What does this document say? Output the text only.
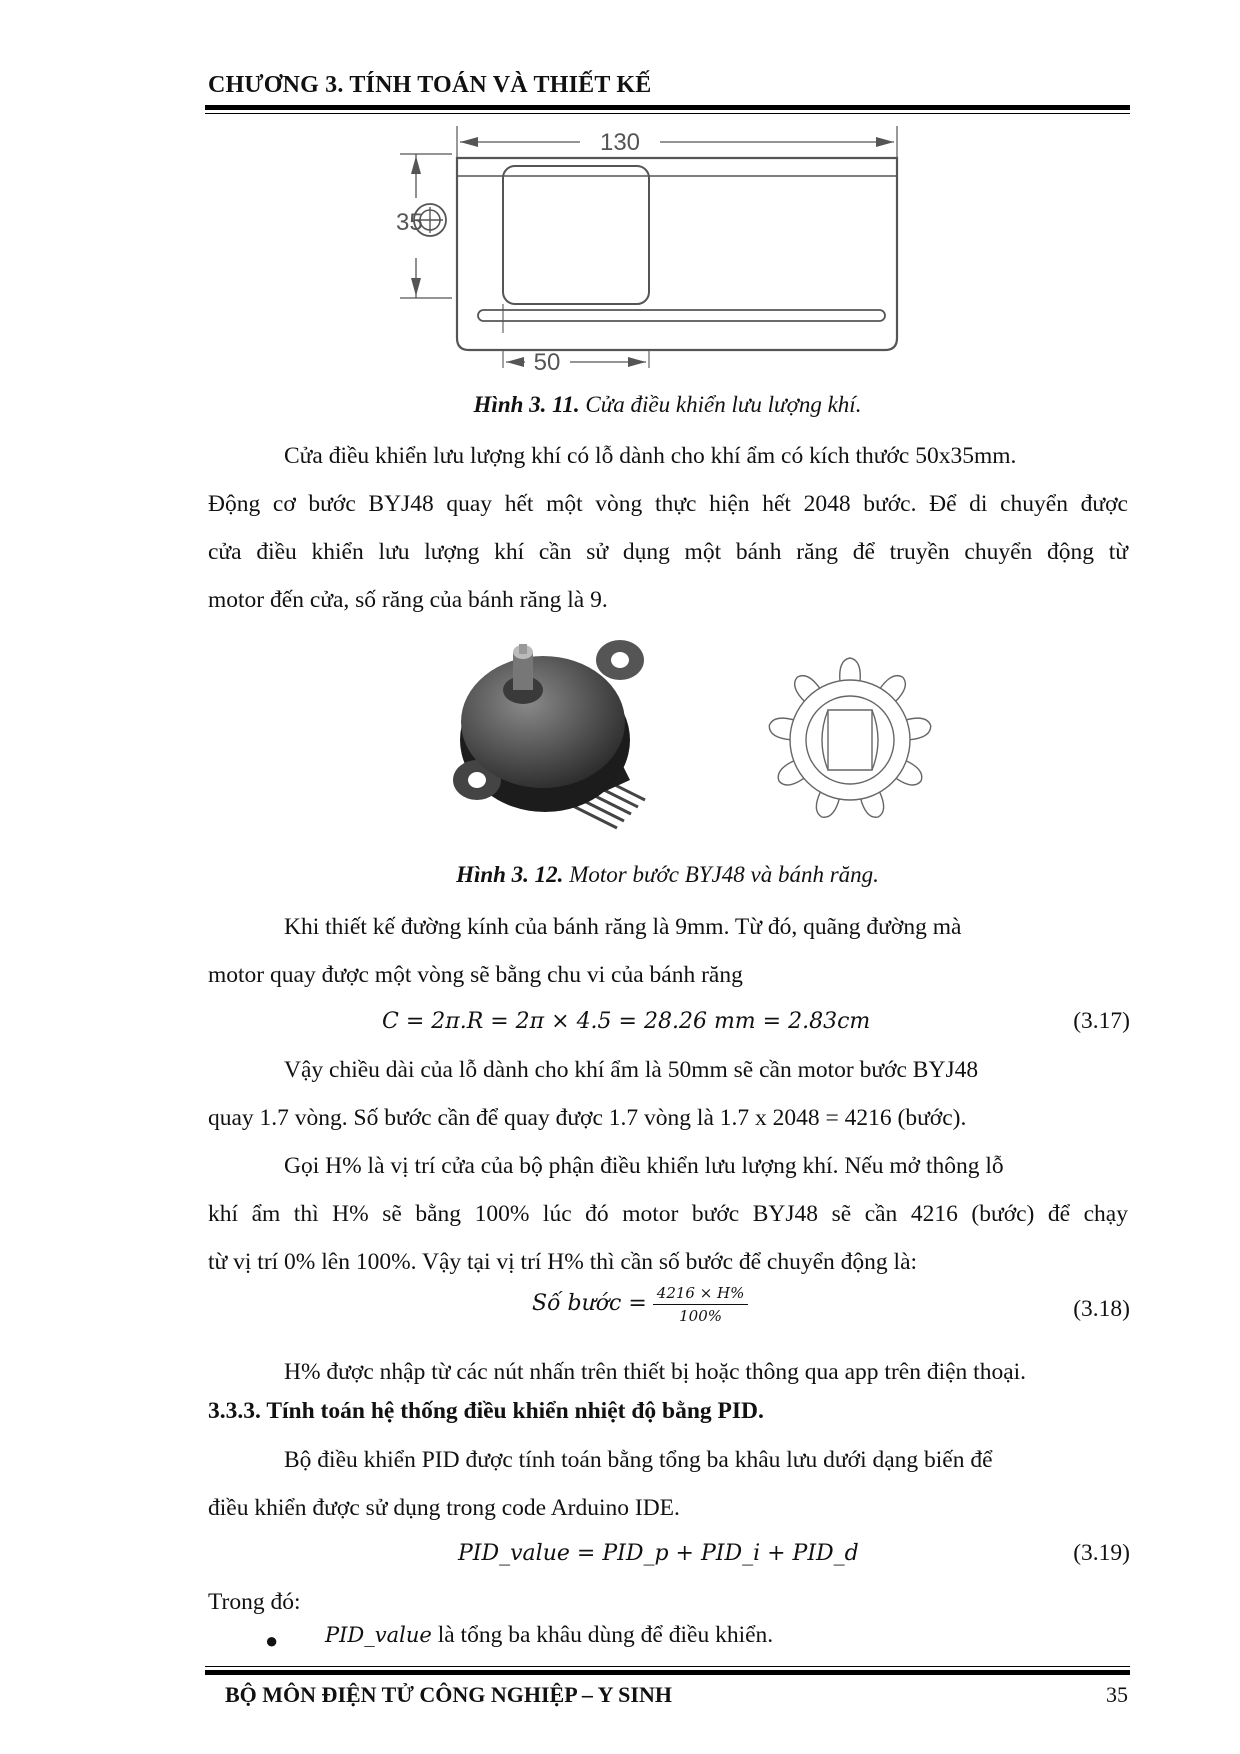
CHƯƠNG 3. TÍNH TOÁN VÀ THIẾT KẾ
130
35
50
Hình 3. 11. Cửa điều khiển lưu lượng khí.
Cửa điều khiển lưu lượng khí có lỗ dành cho khí ẩm có kích thước 50x35mm.
Động cơ bước BYJ48 quay hết một vòng thực hiện hết 2048 bước. Để di chuyển được
cửa điều khiển lưu lượng khí cần sử dụng một bánh răng để truyền chuyển động từ
motor đến cửa, số răng của bánh răng là 9.
Hình 3. 12. Motor bước BYJ48 và bánh răng.
Khi thiết kế đường kính của bánh răng là 9mm. Từ đó, quãng đường mà
motor quay được một vòng sẽ bằng chu vi của bánh răng
C = 2π.R = 2π × 4.5 = 28.26 mm = 2.83cm	(3.17)
Vậy chiều dài của lỗ dành cho khí ẩm là 50mm sẽ cần motor bước BYJ48
quay 1.7 vòng. Số bước cần để quay được 1.7 vòng là 1.7 x 2048 = 4216 (bước).
Gọi H% là vị trí cửa của bộ phận điều khiển lưu lượng khí. Nếu mở thông lỗ
khí ẩm thì H% sẽ bằng 100% lúc đó motor bước BYJ48 sẽ cần 4216 (bước) để chạy
từ vị trí 0% lên 100%. Vậy tại vị trí H% thì cần số bước để chuyển động là:
Số bước = $\frac{4216 \times H\%}{100\%}$	(3.18)
H% được nhập từ các nút nhấn trên thiết bị hoặc thông qua app trên điện thoại.
3.3.3. Tính toán hệ thống điều khiển nhiệt độ bằng PID.
Bộ điều khiển PID được tính toán bằng tổng ba khâu lưu dưới dạng biến để
điều khiển được sử dụng trong code Arduino IDE.
PID_value = PID_p + PID_i + PID_d	(3.19)
Trong đó:
● PID_value là tổng ba khâu dùng để điều khiển.
BỘ MÔN ĐIỆN TỬ CÔNG NGHIỆP – Y SINH	35
